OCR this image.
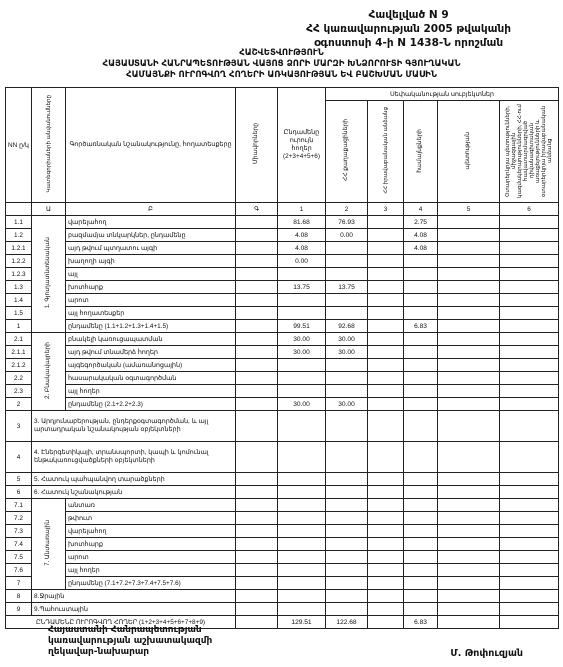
Հավելված N 9
ՀՀ կառավարության 2005 թվականի
օգոստոսի 4-ի N 1438-Ն որոշման
ՀԱՇՎԵՏՎՈՒԹՅՈՒՆ
ՀԱՅԱՍՏԱՆԻ ՀԱՆՐԱՊԵՏՈՒԹՅԱՆ ՎԱՅՈՑ ՁՈՐԻ ՄԱՐԶԻ ԽՆՁՈՐՈՒՏԻ ԳՅՈՒՂԱԿԱՆ
ՀԱՄԱՅՆՔԻ ՈՒՐՈԳՎՈՂ ՀՈՂԵՐԻ ԱՌԿԱՅՈՒԹՅԱՆ ԵՎ ԲԱՇԽՄԱՆ ՄԱՍԻՆ
NN ը/կ	Կատեգորիաների անվանումները	Գործառնական նշանակությունը, հողատեսքերը	Միավորները	Ընդամենը ուրույն հողեր (2+3+4+5+6)	Սեփականության սուբյեկտներ				
					ՀՀ քաղաքացիների	ՀՀ իրավաբանական անձանց	համայնքների	պետության	Օտարերկրյա պետությունների, միջազգային կազմակերպությունների, ՀՀ-ում հավատարմագրված դիվանագիտական առաքելությունների և օտարերկրյա իրավաբանական անձանց
	Ա	Բ	Գ	1	2	3	4	5	6
1.1	1. Գյուղատնտեսական	վարելահող		81.68	76.93		2.75		
1.2		բազմամյա տնկարկներ, ընդամենը		4.08	0.00		4.08		
1.2.1		այդ թվում պտղատու այգի		4.08			4.08		
1.2.2		խաղողի այգի		0.00					
1.2.3		այլ							
1.3		խոտհարք		13.75	13.75				
1.4		արոտ							
1.5		այլ հողատեսքեր							
1		ընդամենը (1.1+1.2+1.3+1.4+1.5)		99.51	92.68		6.83		
2.1	2. Բնակավայրերի	բնակելի կառուցապատման		30.00	30.00				
2.1.1		այդ թվում տնամերձ հողեր		30.00	30.00				
2.1.2		այգեգործական (ամառանոցային)							
2.2		հասարակական օգտագործման							
2.3		այլ հողեր							
2		ընդամենը (2.1+2.2+2.3)		30.00	30.00				
3	3. Արդյունաբերության, ընդերքօգտագործման, և այլ արտադրական նշանակության օբյեկտների								
4	4. Էներգետիկայի, տրանսպորտի, կապի և կոմունալ ենթակառուցվածքների օբյեկտների								
5	5. Հատուկ պահպանվող տարածքների								
6	6. Հատուկ նշանակության								
7.1	7. Անտառային	անտառ							
7.2		թփուտ							
7.3		վարելահող							
7.4		խոտհարք							
7.5		արոտ							
7.6		այլ հողեր							
7		ընդամենը (7.1+7.2+7.3+7.4+7.5+7.6)							
8	8.Ջրային								
9	9.Պահուստային								
ԸՆԴԱՄԵՆԸ ՈՒՐՈԳՎՈՂ ՀՈՂԵՐ (1+2+3+4+5+6+7+8+9)				129.51	122.68		6.83		
Հայաստանի Հանրապետության
կառավարության աշխատակազմի
ղեկավար-նախարար	Մ. Թոփուզյան
